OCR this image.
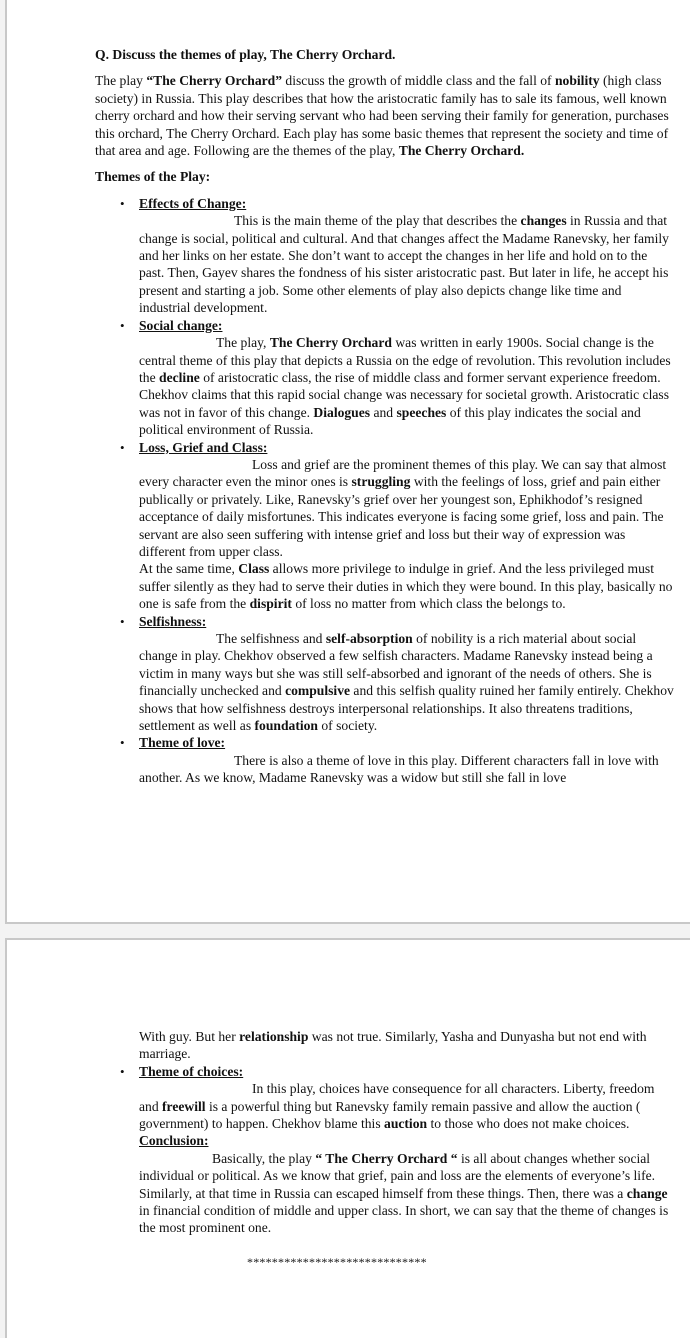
Q. Discuss the themes of play, The Cherry Orchard.
The play “The Cherry Orchard” discuss the growth of middle class and the fall of nobility (high class society) in Russia. This play describes that how the aristocratic family has to sale its famous, well known cherry orchard and how their serving servant who had been serving their family for generation, purchases this orchard, The Cherry Orchard. Each play has some basic themes that represent the society and time of that area and age. Following are the themes of the play, The Cherry Orchard.
Themes of the Play:
• Effects of Change:
This is the main theme of the play that describes the changes in Russia and that change is social, political and cultural. And that changes affect the Madame Ranevsky, her family and her links on her estate. She don’t want to accept the changes in her life and hold on to the past. Then, Gayev shares the fondness of his sister aristocratic past. But later in life, he accept his present and starting a job. Some other elements of play also depicts change like time and industrial development.
• Social change:
The play, The Cherry Orchard was written in early 1900s. Social change is the central theme of this play that depicts a Russia on the edge of revolution. This revolution includes the decline of aristocratic class, the rise of middle class and former servant experience freedom. Chekhov claims that this rapid social change was necessary for societal growth. Aristocratic class was not in favor of this change. Dialogues and speeches of this play indicates the social and political environment of Russia.
• Loss, Grief and Class:
Loss and grief are the prominent themes of this play. We can say that almost every character even the minor ones is struggling with the feelings of loss, grief and pain either publically or privately. Like, Ranevsky’s grief over her youngest son, Ephikhodof’s resigned acceptance of daily misfortunes. This indicates everyone is facing some grief, loss and pain. The servant are also seen suffering with intense grief and loss but their way of expression was different from upper class.
At the same time, Class allows more privilege to indulge in grief. And the less privileged must suffer silently as they had to serve their duties in which they were bound. In this play, basically no one is safe from the dispirit of loss no matter from which class the belongs to.
• Selfishness:
The selfishness and self-absorption of nobility is a rich material about social change in play. Chekhov observed a few selfish characters. Madame Ranevsky instead being a victim in many ways but she was still self-absorbed and ignorant of the needs of others. She is financially unchecked and compulsive and this selfish quality ruined her family entirely. Chekhov shows that how selfishness destroys interpersonal relationships. It also threatens traditions, settlement as well as foundation of society.
• Theme of love:
There is also a theme of love in this play. Different characters fall in love with another. As we know, Madame Ranevsky was a widow but still she fall in love
With guy. But her relationship was not true. Similarly, Yasha and Dunyasha but not end with marriage.
• Theme of choices:
In this play, choices have consequence for all characters. Liberty, freedom and freewill is a powerful thing but Ranevsky family remain passive and allow the auction ( government) to happen. Chekhov blame this auction to those who does not make choices.
Conclusion:
Basically, the play “ The Cherry Orchard “ is all about changes whether social individual or political. As we know that grief, pain and loss are the elements of everyone’s life. Similarly, at that time in Russia can escaped himself from these things. Then, there was a change in financial condition of middle and upper class. In short, we can say that the theme of changes is the most prominent one.
*****************************
